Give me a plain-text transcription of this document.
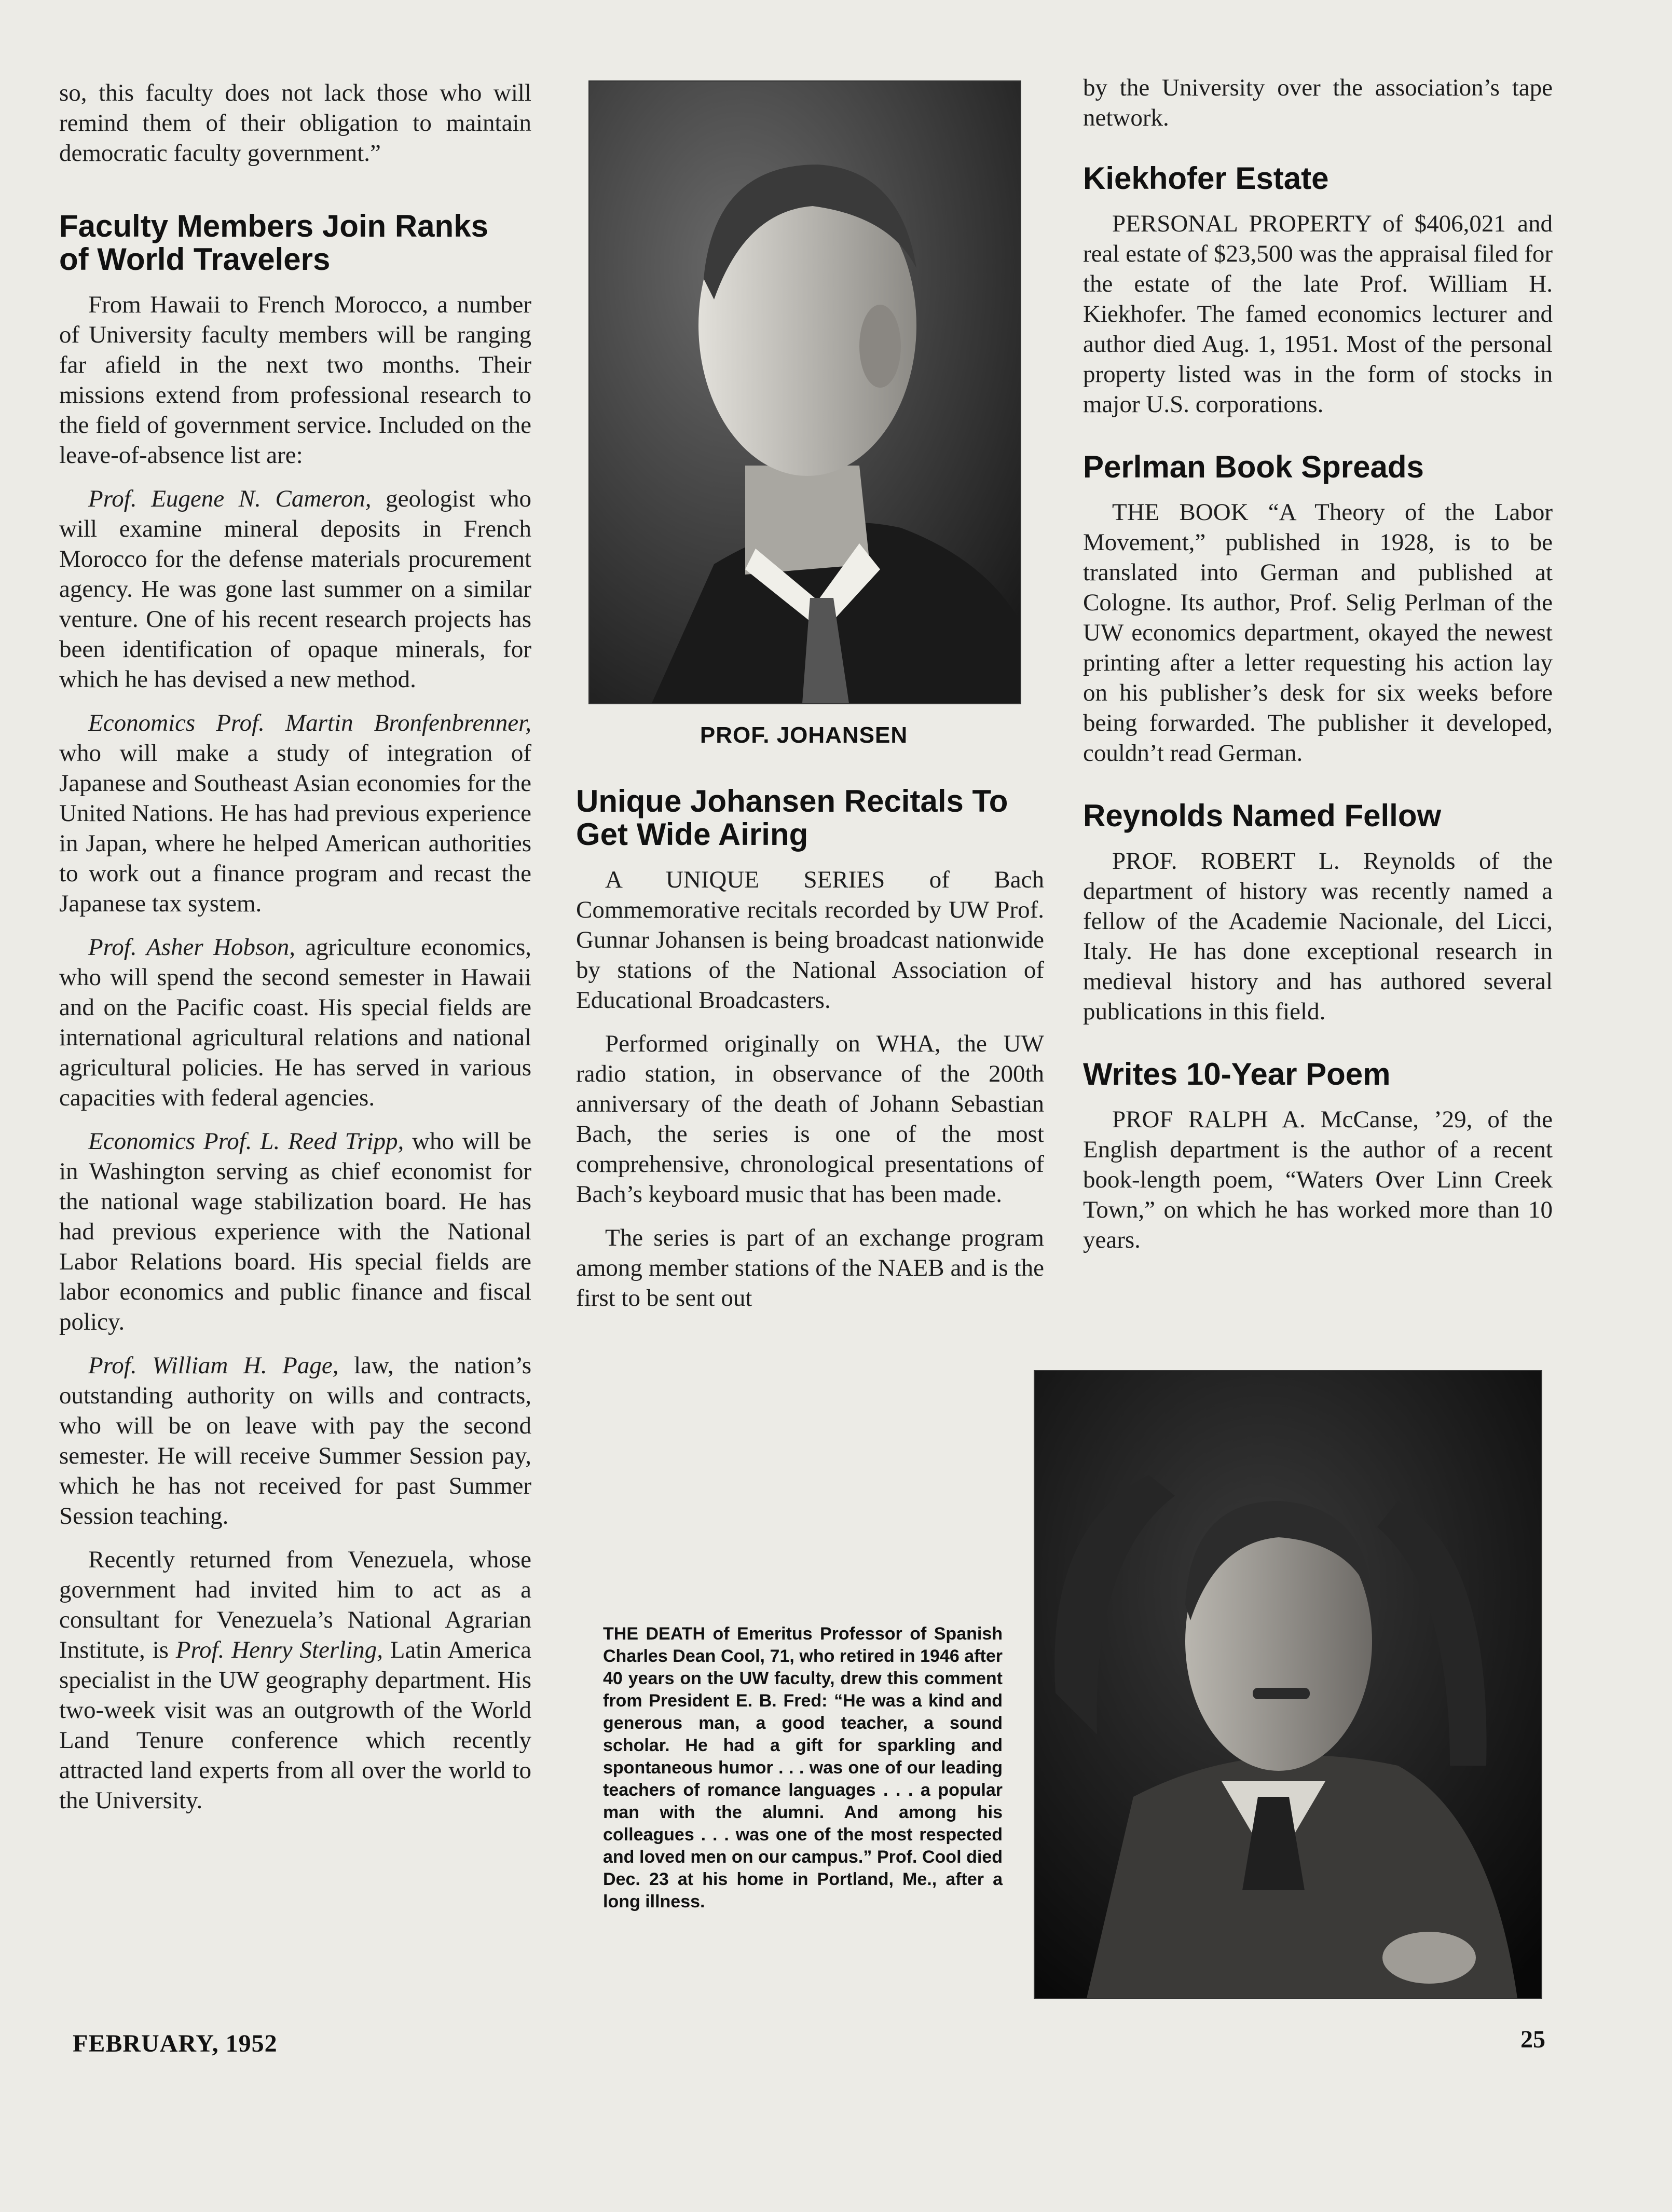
so, this faculty does not lack those who will remind them of their obligation to maintain democratic faculty government.”

Faculty Members Join Ranks of World Travelers

From Hawaii to French Morocco, a number of University faculty members will be ranging far afield in the next two months. Their missions extend from professional research to the field of government service. Included on the leave-of-absence list are:

Prof. Eugene N. Cameron, geologist who will examine mineral deposits in French Morocco for the defense materials procurement agency. He was gone last summer on a similar venture. One of his recent research projects has been identification of opaque minerals, for which he has devised a new method.

Economics Prof. Martin Bronfenbrenner, who will make a study of integration of Japanese and Southeast Asian economies for the United Nations. He has had previous experience in Japan, where he helped American authorities to work out a finance program and recast the Japanese tax system.

Prof. Asher Hobson, agriculture economics, who will spend the second semester in Hawaii and on the Pacific coast. His special fields are international agricultural relations and national agricultural policies. He has served in various capacities with federal agencies.

Economics Prof. L. Reed Tripp, who will be in Washington serving as chief economist for the national wage stabilization board. He has had previous experience with the National Labor Relations board. His special fields are labor economics and public finance and fiscal policy.

Prof. William H. Page, law, the nation’s outstanding authority on wills and contracts, who will be on leave with pay the second semester. He will receive Summer Session pay, which he has not received for past Summer Session teaching.

Recently returned from Venezuela, whose government had invited him to act as a consultant for Venezuela’s National Agrarian Institute, is Prof. Henry Sterling, Latin America specialist in the UW geography department. His two-week visit was an outgrowth of the World Land Tenure conference which recently attracted land experts from all over the world to the University.

PROF. JOHANSEN
Unique Johansen Recitals To Get Wide Airing

A UNIQUE SERIES of Bach Commemorative recitals recorded by UW Prof. Gunnar Johansen is being broadcast nationwide by stations of the National Association of Educational Broadcasters.

Performed originally on WHA, the UW radio station, in observance of the 200th anniversary of the death of Johann Sebastian Bach, the series is one of the most comprehensive, chronological presentations of Bach’s keyboard music that has been made.

The series is part of an exchange program among member stations of the NAEB and is the first to be sent out

THE DEATH of Emeritus Professor of Spanish Charles Dean Cool, 71, who retired in 1946 after 40 years on the UW faculty, drew this comment from President E. B. Fred: “He was a kind and generous man, a good teacher, a sound scholar. He had a gift for sparkling and spontaneous humor . . . was one of our leading teachers of romance languages . . . a popular man with the alumni. And among his colleagues . . . was one of the most respected and loved men on our campus.” Prof. Cool died Dec. 23 at his home in Portland, Me., after a long illness.

by the University over the association’s tape network.

Kiekhofer Estate

PERSONAL PROPERTY of $406,021 and real estate of $23,500 was the appraisal filed for the estate of the late Prof. William H. Kiekhofer. The famed economics lecturer and author died Aug. 1, 1951. Most of the personal property listed was in the form of stocks in major U.S. corporations.

Perlman Book Spreads

THE BOOK “A Theory of the Labor Movement,” published in 1928, is to be translated into German and published at Cologne. Its author, Prof. Selig Perlman of the UW economics department, okayed the newest printing after a letter requesting his action lay on his publisher’s desk for six weeks before being forwarded. The publisher it developed, couldn’t read German.

Reynolds Named Fellow

PROF. ROBERT L. Reynolds of the department of history was recently named a fellow of the Academie Nacionale, del Licci, Italy. He has done exceptional research in medieval history and has authored several publications in this field.

Writes 10-Year Poem

PROF RALPH A. McCanse, ’29, of the English department is the author of a recent book-length poem, “Waters Over Linn Creek Town,” on which he has worked more than 10 years.

FEBRUARY, 1952	25
